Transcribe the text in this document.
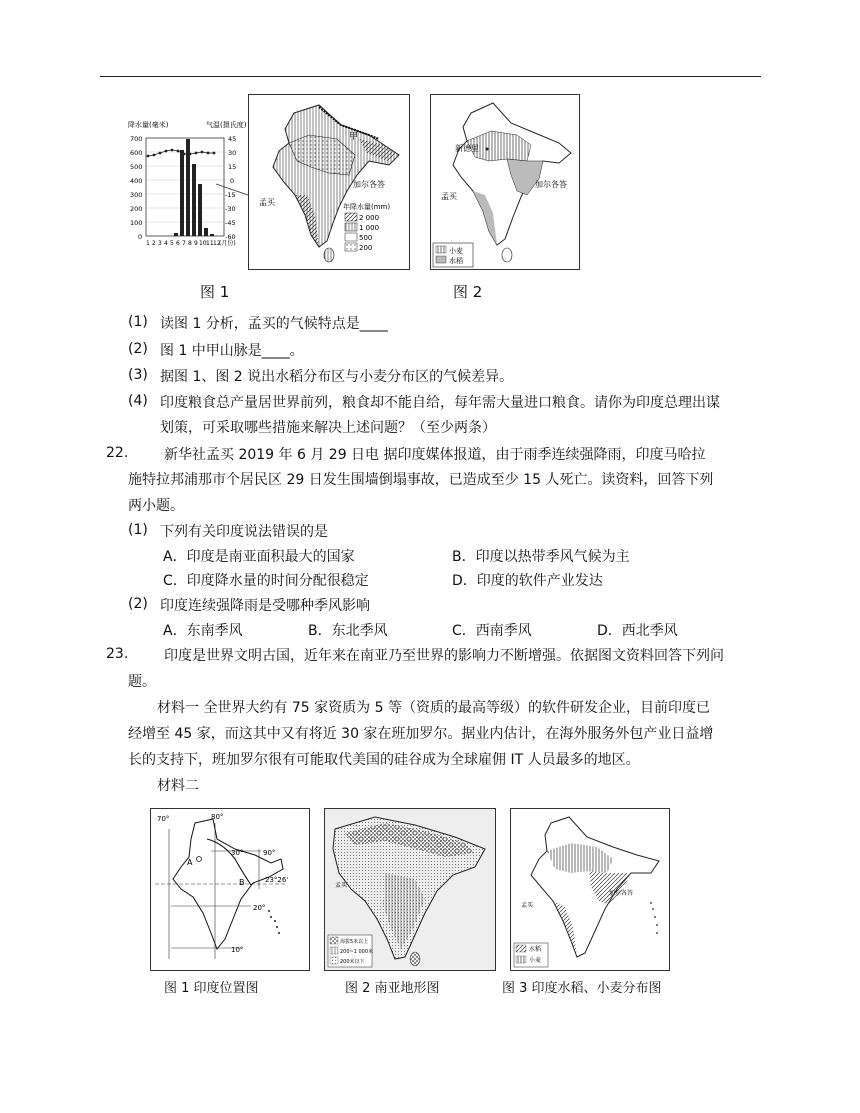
降水量(毫米)	气温(摄氏度)
700
600
500
400
300
200
100
0
45
30
15
0
-15
-30
-45
-60
1 2 3 4 5 6 7 8 9 10 11 12
(月份)
甲
加尔各答
孟买	年降水量(mm)
2 000
1 000
500
200
新德里
加尔各答
孟买
小麦
水稻
图 1	图 2
(1) 读图 1 分析，孟买的气候特点是____
(2) 图 1 中甲山脉是____。
(3) 据图 1、图 2 说出水稻分布区与小麦分布区的气候差异。
(4) 印度粮食总产量居世界前列，粮食却不能自给，每年需大量进口粮食。请你为印度总理出谋
划策，可采取哪些措施来解决上述问题？（至少两条）
22.	新华社孟买 2019 年 6 月 29 日电 据印度媒体报道，由于雨季连续强降雨，印度马哈拉
施特拉邦浦那市个居民区 29 日发生围墙倒塌事故，已造成至少 15 人死亡。读资料，回答下列
两小题。
(1) 下列有关印度说法错误的是
A．印度是南亚面积最大的国家	B．印度以热带季风气候为主
C．印度降水量的时间分配很稳定	D．印度的软件产业发达
(2) 印度连续强降雨是受哪种季风影响
A．东南季风	B．东北季风	C．西南季风	D．西北季风
23.	印度是世界文明古国，近年来在南亚乃至世界的影响力不断增强。依据图文资料回答下列问
题。
材料一 全世界大约有 75 家资质为 5 等（资质的最高等级）的软件研发企业，目前印度已
经增至 45 家，而这其中又有将近 30 家在班加罗尔。据业内估计，在海外服务外包产业日益增
长的支持下，班加罗尔很有可能取代美国的硅谷成为全球雇佣 IT 人员最多的地区。
材料二
70°	80°
90°
30°
20°
10°
23°26'
A
B	孟买
海拔5米以上
200~1 000米
200米以下
孟买
加尔各答
水稻
小麦
图 1 印度位置图	图 2 南亚地形图	图 3 印度水稻、小麦分布图
